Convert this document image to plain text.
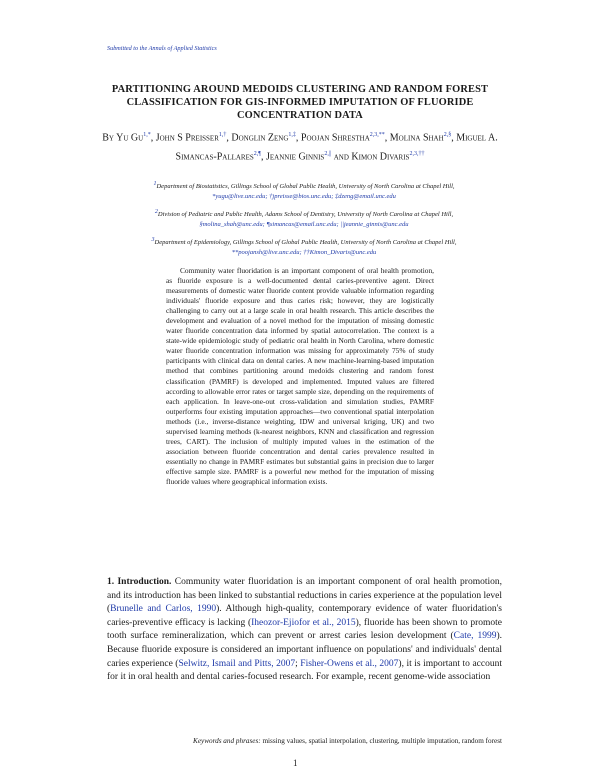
Submitted to the Annals of Applied Statistics
PARTITIONING AROUND MEDOIDS CLUSTERING AND RANDOM FOREST CLASSIFICATION FOR GIS-INFORMED IMPUTATION OF FLUORIDE CONCENTRATION DATA
By Yu $Gu^{1,*}$, John S Preisser$^{1,\dagger}$, Donglin Zeng$^{1,\ddagger}$, Poojan Shrestha$^{2,3,**}$, Molina Shah$^{2,\S}$, Miguel A. Simancas-Pallares$^{2,\P}$, Jeannie Ginnis$^{2,||}$ and Kimon Divaris$^{2,3,\dagger\dagger}$
$^1$Department of Biostatistics, Gillings School of Global Public Health, University of North Carolina at Chapel Hill,
*yugu@live.unc.edu; †jpreisse@bios.unc.edu; ‡dzeng@email.unc.edu
$^2$Division of Pediatric and Public Health, Adams School of Dentistry, University of North Carolina at Chapel Hill,
§molina_shah@unc.edu; ¶simancas@email.unc.edu; ||jeannie_ginnis@unc.edu
$^3$Department of Epidemiology, Gillings School of Global Public Health, University of North Carolina at Chapel Hill,
**poojansh@live.unc.edu; ††Kimon_Divaris@unc.edu
Community water fluoridation is an important component of oral health promotion, as fluoride exposure is a well-documented dental caries-preventive agent. Direct measurements of domestic water fluoride content provide valuable information regarding individuals' fluoride exposure and thus caries risk; however, they are logistically challenging to carry out at a large scale in oral health research. This article describes the development and evaluation of a novel method for the imputation of missing domestic water fluoride concentration data informed by spatial autocorrelation. The context is a state-wide epidemiologic study of pediatric oral health in North Carolina, where domestic water fluoride concentration information was missing for approximately 75% of study participants with clinical data on dental caries. A new machine-learning-based imputation method that combines partitioning around medoids clustering and random forest classification (PAMRF) is developed and implemented. Imputed values are filtered according to allowable error rates or target sample size, depending on the requirements of each application. In leave-one-out cross-validation and simulation studies, PAMRF outperforms four existing imputation approaches—two conventional spatial interpolation methods (i.e., inverse-distance weighting, IDW and universal kriging, UK) and two supervised learning methods (k-nearest neighbors, KNN and classification and regression trees, CART). The inclusion of multiply imputed values in the estimation of the association between fluoride concentration and dental caries prevalence resulted in essentially no change in PAMRF estimates but substantial gains in precision due to larger effective sample size. PAMRF is a powerful new method for the imputation of missing fluoride values where geographical information exists.
1. Introduction. Community water fluoridation is an important component of oral health promotion, and its introduction has been linked to substantial reductions in caries experience at the population level (Brunelle and Carlos, 1990). Although high-quality, contemporary evidence of water fluoridation's caries-preventive efficacy is lacking (Iheozor-Ejiofor et al., 2015), fluoride has been shown to promote tooth surface remineralization, which can prevent or arrest caries lesion development (Cate, 1999). Because fluoride exposure is considered an important influence on populations' and individuals' dental caries experience (Selwitz, Ismail and Pitts, 2007; Fisher-Owens et al., 2007), it is important to account for it in oral health and dental caries-focused research. For example, recent genome-wide association
Keywords and phrases: missing values, spatial interpolation, clustering, multiple imputation, random forest
1
